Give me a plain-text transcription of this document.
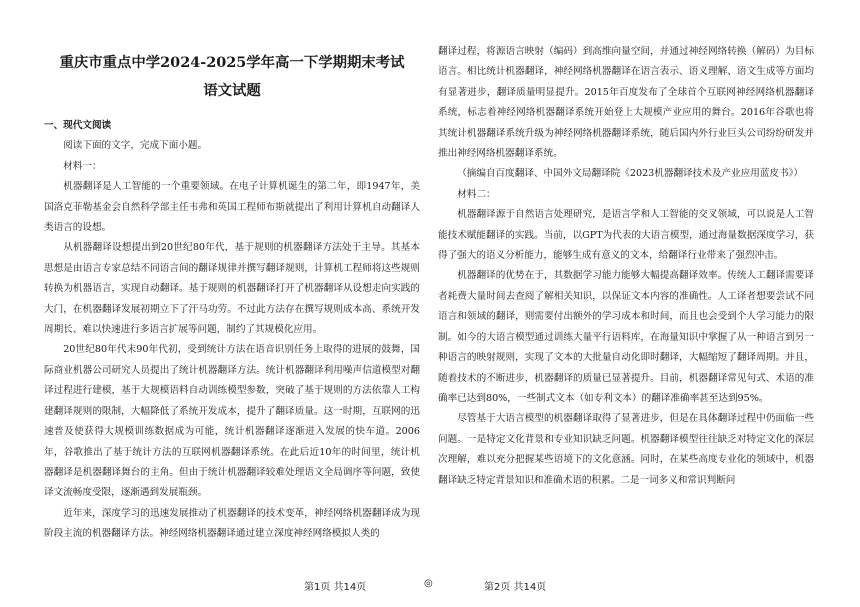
重庆市重点中学2024-2025学年高一下学期期末考试
语文试题
一、现代文阅读

阅读下面的文字，完成下面小题。

材料一：

机器翻译是人工智能的一个重要领域。在电子计算机诞生的第二年，即1947年，美国洛克菲勒基金会自然科学部主任韦弗和英国工程师布斯就提出了利用计算机自动翻译人类语言的设想。

从机器翻译设想提出到20世纪80年代，基于规则的机器翻译方法处于主导。其基本思想是由语言专家总结不同语言间的翻译规律并撰写翻译规则，计算机工程师将这些规则转换为机器语言，实现自动翻译。基于规则的机器翻译打开了机器翻译从设想走向实践的大门，在机器翻译发展初期立下了汗马功劳。不过此方法存在撰写规则成本高、系统开发周期长、难以快速进行多语言扩展等问题，制约了其规模化应用。

20世纪80年代末90年代初，受到统计方法在语音识别任务上取得的进展的鼓舞，国际商业机器公司研究人员提出了统计机器翻译方法。统计机器翻译利用噪声信道模型对翻译过程进行建模，基于大规模语料自动训练模型参数，突破了基于规则的方法依靠人工构建翻译规则的限制，大幅降低了系统开发成本，提升了翻译质量。这一时期，互联网的迅速普及使获得大规模训练数据成为可能，统计机器翻译逐渐进入发展的快车道。2006年，谷歌推出了基于统计方法的互联网机器翻译系统。在此后近10年的时间里，统计机器翻译是机器翻译舞台的主角。但由于统计机器翻译较难处理语文全局调序等问题，致使译文流畅度受限，逐渐遇到发展瓶颈。

近年来，深度学习的迅速发展推动了机器翻译的技术变革，神经网络机器翻译成为现阶段主流的机器翻译方法。神经网络机器翻译通过建立深度神经网络模拟人类的

翻译过程，将源语言映射（编码）到高维向量空间，并通过神经网络转换（解码）为目标语言。相比统计机器翻译，神经网络机器翻译在语言表示、语义理解、语文生成等方面均有显著进步，翻译质量明显提升。2015年百度发布了全球首个互联网神经网络机器翻译系统，标志着神经网络机器翻译系统开始登上大规模产业应用的舞台。2016年谷歌也将其统计机器翻译系统升级为神经网络机器翻译系统，随后国内外行业巨头公司纷纷研发并推出神经网络机器翻译系统。

（摘编自百度翻译、中国外文局翻译院《2023机器翻译技术及产业应用蓝皮书》）

材料二：

机器翻译源于自然语言处理研究，是语言学和人工智能的交叉领域，可以说是人工智能技术赋能翻译的实践。当前，以GPT为代表的大语言模型，通过海量数据深度学习，获得了强大的语义分析能力，能够生成有意义的文本，给翻译行业带来了强烈冲击。

机器翻译的优势在于，其数据学习能力能够大幅提高翻译效率。传统人工翻译需要译者耗费大量时间去查阅了解相关知识，以保证文本内容的准确性。人工译者想要尝试不同语言和领域的翻译，则需要付出额外的学习成本和时间，而且也会受到个人学习能力的限制。如今的大语言模型通过训练大量平行语料库，在海量知识中掌握了从一种语言到另一种语言的映射规则，实现了文本的大批量自动化即时翻译，大幅缩短了翻译周期。并且，随着技术的不断进步，机器翻译的质量已显著提升。目前，机器翻译常见句式、术语的准确率已达到80%，一些制式文本（如专利文本）的翻译准确率甚至达到95%。

尽管基于大语言模型的机器翻译取得了显著进步，但是在具体翻译过程中仍面临一些问题。一是特定文化背景和专业知识缺乏问题。机器翻译模型往往缺乏对特定文化的深层次理解，难以充分把握某些语境下的文化意涵。同时，在某些高度专业化的领域中，机器翻译缺乏特定背景知识和准确术语的积累。二是一词多义和常识判断问

第1页 共14页	◎	第2页 共14页
